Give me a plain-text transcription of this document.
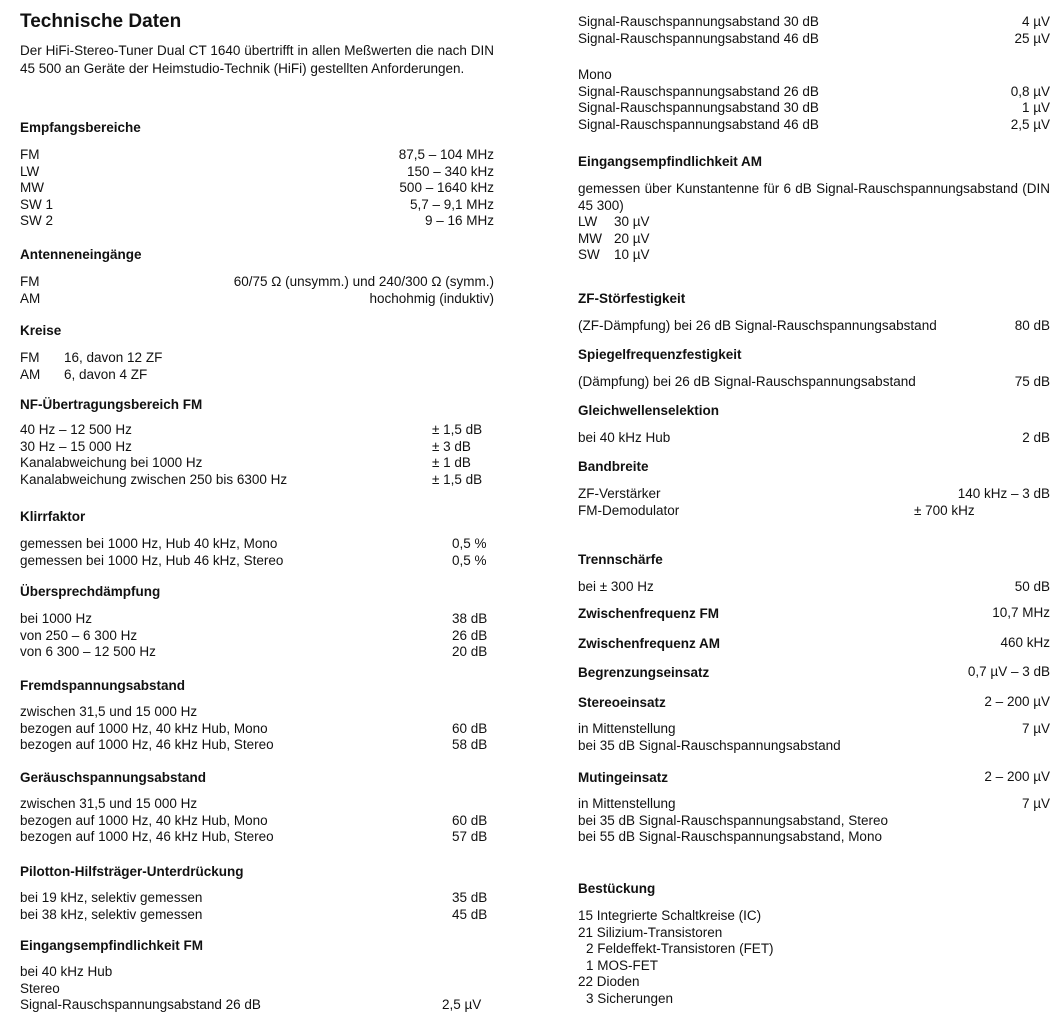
Technische Daten

Der HiFi-Stereo-Tuner Dual CT 1640 übertrifft in allen Meßwerten die nach DIN 45 500 an Geräte der Heimstudio-Technik (HiFi) gestellten Anforderungen.

Empfangsbereiche
FM	87,5 – 104 MHz
LW	150 – 340 kHz
MW	500 – 1640 kHz
SW 1	5,7 – 9,1 MHz
SW 2	9 – 16 MHz
Antenneneingänge
FM	60/75 Ω (unsymm.) und 240/300 Ω (symm.)
AM	hochohmig (induktiv)
Kreise
FM 16, davon 12 ZF
AM 6, davon 4 ZF
NF-Übertragungsbereich FM
40 Hz – 12 500 Hz	± 1,5 dB
30 Hz – 15 000 Hz	± 3 dB
Kanalabweichung bei 1000 Hz	± 1 dB
Kanalabweichung zwischen 250 bis 6300 Hz	± 1,5 dB
Klirrfaktor
gemessen bei 1000 Hz, Hub 40 kHz, Mono	0,5 %
gemessen bei 1000 Hz, Hub 46 kHz, Stereo	0,5 %
Übersprechdämpfung
bei 1000 Hz	38 dB
von 250 – 6 300 Hz	26 dB
von 6 300 – 12 500 Hz	20 dB
Fremdspannungsabstand
zwischen 31,5 und 15 000 Hz
bezogen auf 1000 Hz, 40 kHz Hub, Mono	60 dB
bezogen auf 1000 Hz, 46 kHz Hub, Stereo	58 dB
Geräuschspannungsabstand
zwischen 31,5 und 15 000 Hz
bezogen auf 1000 Hz, 40 kHz Hub, Mono	60 dB
bezogen auf 1000 Hz, 46 kHz Hub, Stereo	57 dB
Pilotton-Hilfsträger-Unterdrückung
bei 19 kHz, selektiv gemessen	35 dB
bei 38 kHz, selektiv gemessen	45 dB
Eingangsempfindlichkeit FM
bei 40 kHz Hub
Stereo
Signal-Rauschspannungsabstand 26 dB	2,5 µV
Signal-Rauschspannungsabstand 30 dB	4 µV
Signal-Rauschspannungsabstand 46 dB	25 µV
Mono
Signal-Rauschspannungsabstand 26 dB	0,8 µV
Signal-Rauschspannungsabstand 30 dB	1 µV
Signal-Rauschspannungsabstand 46 dB	2,5 µV
Eingangsempfindlichkeit AM

gemessen über Kunstantenne für 6 dB Signal-Rauschspannungsabstand (DIN 45 300)

LW 30 µV
MW 20 µV
SW 10 µV
ZF-Störfestigkeit
(ZF-Dämpfung) bei 26 dB Signal-Rauschspannungsabstand	80 dB
Spiegelfrequenzfestigkeit
(Dämpfung) bei 26 dB Signal-Rauschspannungsabstand	75 dB
Gleichwellenselektion
bei 40 kHz Hub	2 dB
Bandbreite
ZF-Verstärker	140 kHz – 3 dB
FM-Demodulator	± 700 kHz
Trennschärfe
bei ± 300 Hz	50 dB
Zwischenfrequenz FM	10,7 MHz
Zwischenfrequenz AM	460 kHz
Begrenzungseinsatz	0,7 µV – 3 dB
Stereoeinsatz	2 – 200 µV
in Mittenstellung	7 µV
bei 35 dB Signal-Rauschspannungsabstand
Mutingeinsatz	2 – 200 µV
in Mittenstellung	7 µV
bei 35 dB Signal-Rauschspannungsabstand, Stereo
bei 55 dB Signal-Rauschspannungsabstand, Mono
Bestückung
15 Integrierte Schaltkreise (IC)
21 Silizium-Transistoren
2 Feldeffekt-Transistoren (FET)
1 MOS-FET
22 Dioden
3 Sicherungen
